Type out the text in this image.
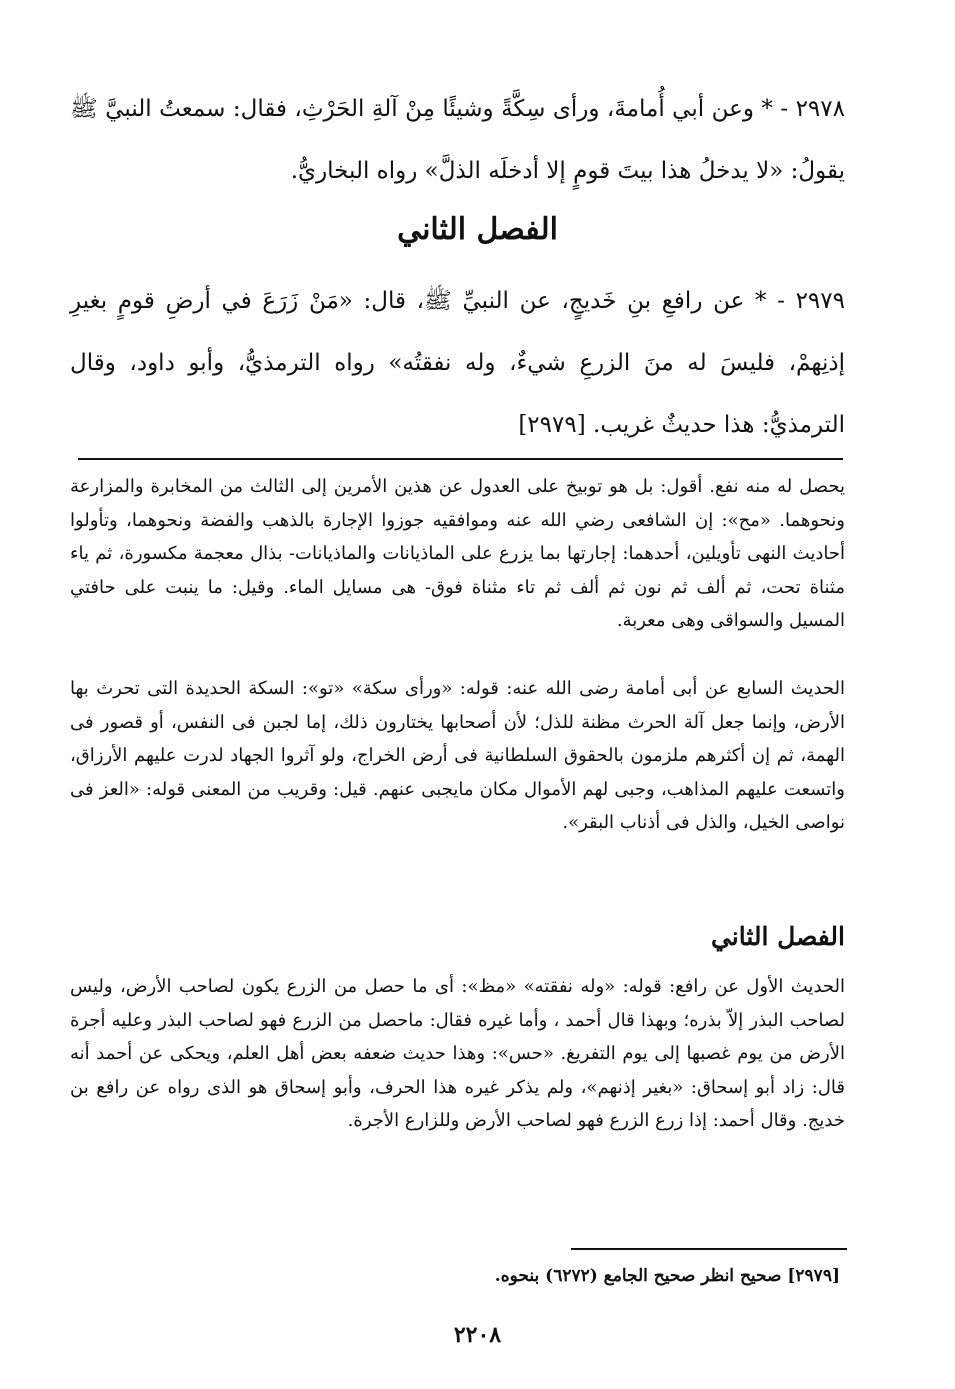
٢٩٧٨ - * وعن أبي أُمامةَ، ورأى سِكَّةً وشيئًا مِنْ آلةِ الحَرْثِ، فقال: سمعتُ النبيَّ ﷺ يقولُ: «لا يدخلُ هذا بيتَ قومٍ إلا أدخلَه الذلَّ» رواه البخاريُّ.

الفصل الثاني

٢٩٧٩ - * عن رافعِ بنِ خَديجٍ، عن النبيِّ ﷺ، قال: «مَنْ زَرَعَ في أرضِ قومٍ بغيرِ إذنِهمْ، فليسَ له منَ الزرعِ شيءٌ، وله نفقتُه» رواه الترمذيُّ، وأبو داود، وقال الترمذيُّ: هذا حديثٌ غريب. [٢٩٧٩]

يحصل له منه نفع. أقول: بل هو توبيخ على العدول عن هذين الأمرين إلى الثالث من المخابرة والمزارعة ونحوهما. «مح»: إن الشافعى رضي الله عنه وموافقيه جوزوا الإجارة بالذهب والفضة ونحوهما، وتأولوا أحاديث النهى تأويلين، أحدهما: إجارتها بما يزرع على الماذيانات والماذيانات- بذال معجمة مكسورة، ثم ياء مثناة تحت، ثم ألف ثم نون ثم ألف ثم تاء مثناة فوق- هى مسايل الماء. وقيل: ما ينبت على حافتي المسيل والسواقى وهى معربة.

الحديث السابع عن أبى أمامة رضى الله عنه: قوله: «ورأى سكة» «تو»: السكة الحديدة التى تحرث بها الأرض، وإنما جعل آلة الحرث مظنة للذل؛ لأن أصحابها يختارون ذلك، إما لجبن فى النفس، أو قصور فى الهمة، ثم إن أكثرهم ملزمون بالحقوق السلطانية فى أرض الخراج، ولو آثروا الجهاد لدرت عليهم الأرزاق، واتسعت عليهم المذاهب، وجبى لهم الأموال مكان مايجبى عنهم. قيل: وقريب من المعنى قوله: «العز فى نواصى الخيل، والذل فى أذناب البقر».

الفصل الثاني

الحديث الأول عن رافع: قوله: «وله نفقته» «مظ»: أى ما حصل من الزرع يكون لصاحب الأرض، وليس لصاحب البذر إلاّ بذره؛ وبهذا قال أحمد ، وأما غيره فقال: ماحصل من الزرع فهو لصاحب البذر وعليه أجرة الأرض من يوم غصبها إلى يوم التفريغ. «حس»: وهذا حديث ضعفه بعض أهل العلم، ويحكى عن أحمد أنه قال: زاد أبو إسحاق: «بغير إذنهم»، ولم يذكر غيره هذا الحرف، وأبو إسحاق هو الذى رواه عن رافع بن خديج. وقال أحمد: إذا زرع الزرع فهو لصاحب الأرض وللزارع الأجرة.

[٢٩٧٩] صحيح انظر صحيح الجامع (٦٢٧٢) بنحوه.
٢٢٠٨
